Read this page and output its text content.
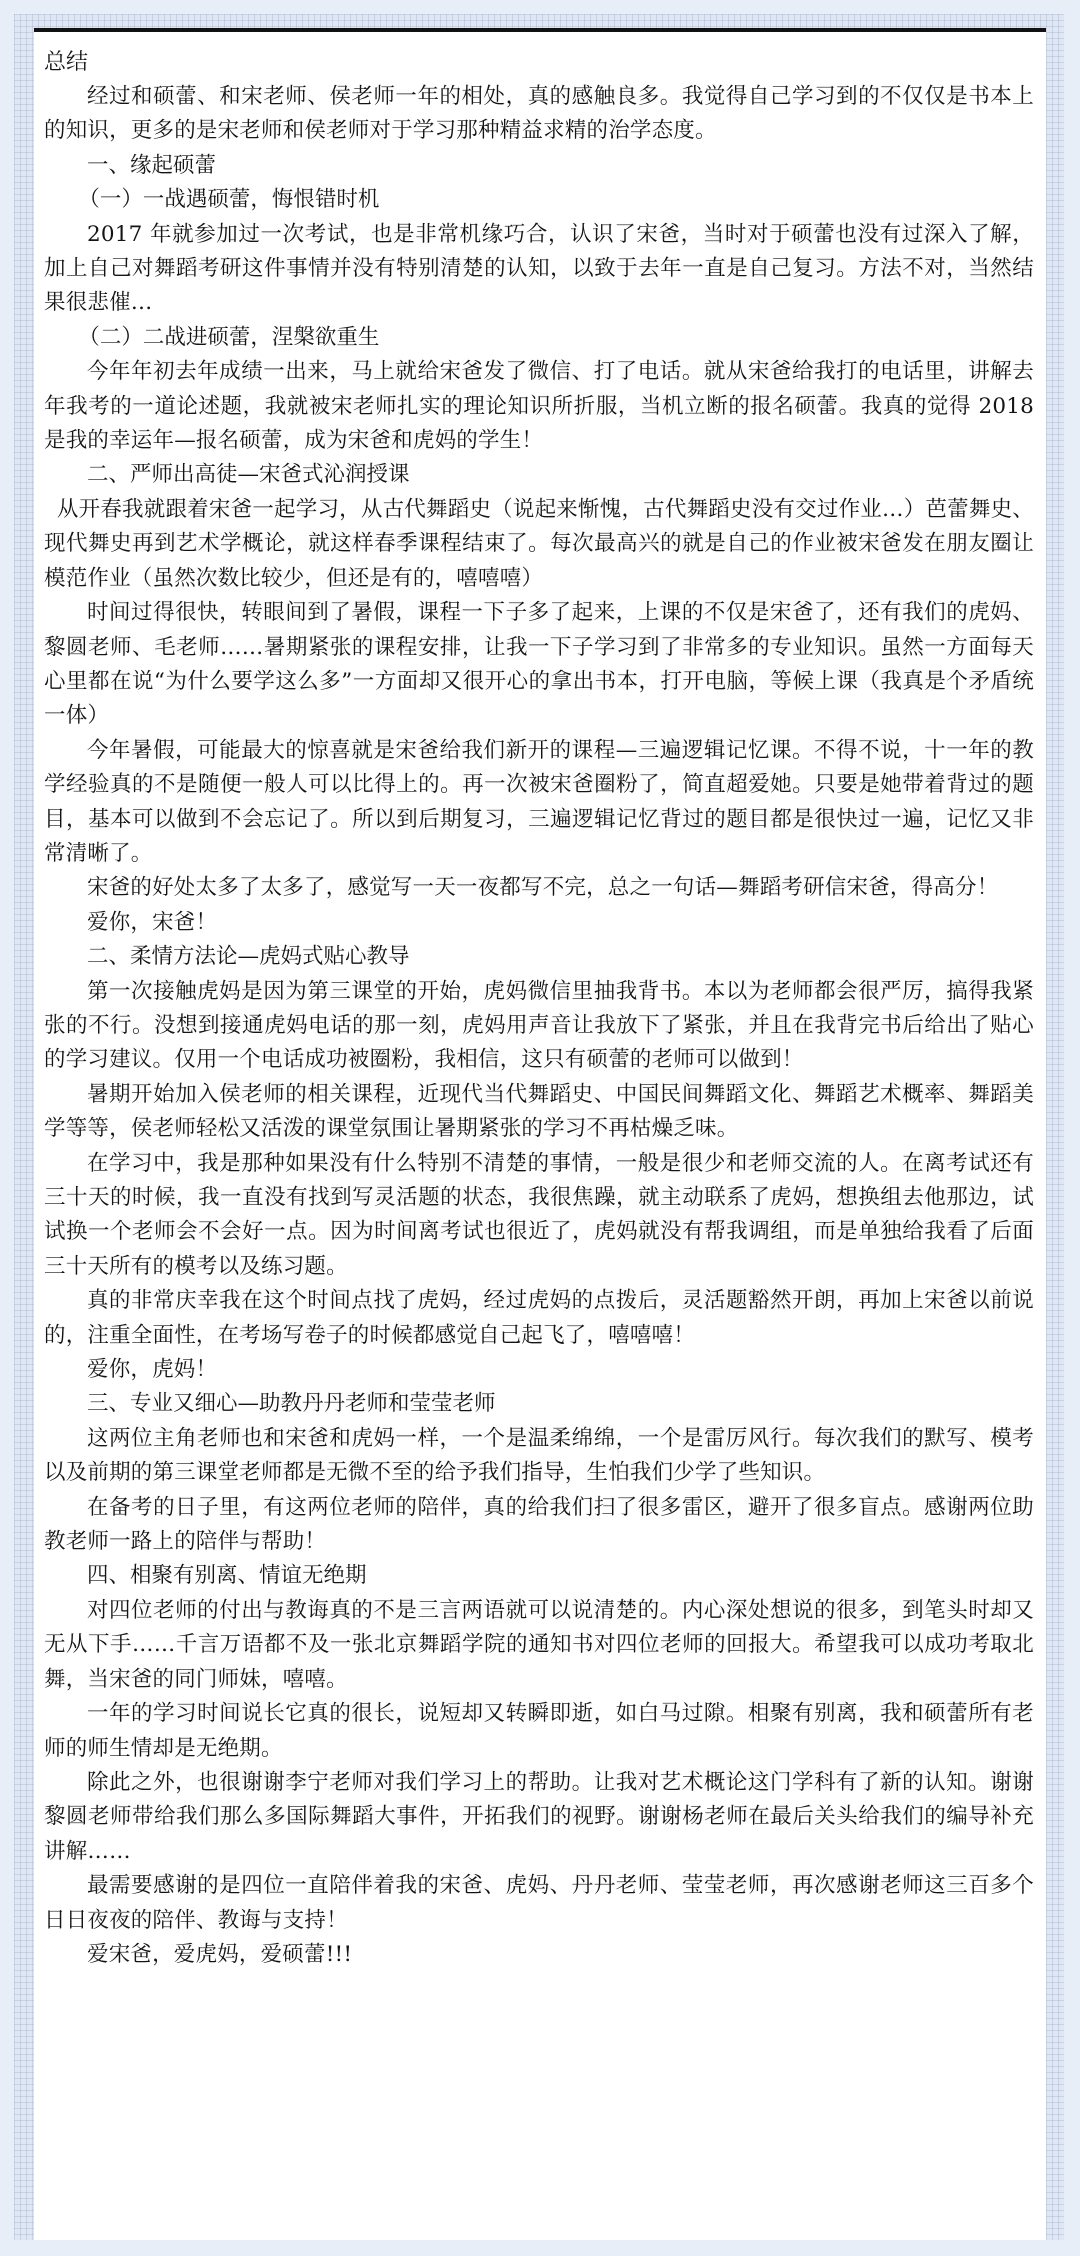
总结

经过和硕蕾、和宋老师、侯老师一年的相处，真的感触良多。我觉得自己学习到的不仅仅是书本上的知识，更多的是宋老师和侯老师对于学习那种精益求精的治学态度。

一、缘起硕蕾

（一）一战遇硕蕾，悔恨错时机

2017 年就参加过一次考试，也是非常机缘巧合，认识了宋爸，当时对于硕蕾也没有过深入了解，加上自己对舞蹈考研这件事情并没有特别清楚的认知，以致于去年一直是自己复习。方法不对，当然结果很悲催…

（二）二战进硕蕾，涅槃欲重生

今年年初去年成绩一出来，马上就给宋爸发了微信、打了电话。就从宋爸给我打的电话里，讲解去年我考的一道论述题，我就被宋老师扎实的理论知识所折服，当机立断的报名硕蕾。我真的觉得 2018 是我的幸运年—报名硕蕾，成为宋爸和虎妈的学生！

二、严师出高徒—宋爸式沁润授课

从开春我就跟着宋爸一起学习，从古代舞蹈史（说起来惭愧，古代舞蹈史没有交过作业…）芭蕾舞史、现代舞史再到艺术学概论，就这样春季课程结束了。每次最高兴的就是自己的作业被宋爸发在朋友圈让模范作业（虽然次数比较少，但还是有的，嘻嘻嘻）

时间过得很快，转眼间到了暑假，课程一下子多了起来，上课的不仅是宋爸了，还有我们的虎妈、黎圆老师、毛老师……暑期紧张的课程安排，让我一下子学习到了非常多的专业知识。虽然一方面每天心里都在说“为什么要学这么多”一方面却又很开心的拿出书本，打开电脑，等候上课（我真是个矛盾统一体）

今年暑假，可能最大的惊喜就是宋爸给我们新开的课程—三遍逻辑记忆课。不得不说，十一年的教学经验真的不是随便一般人可以比得上的。再一次被宋爸圈粉了，简直超爱她。只要是她带着背过的题目，基本可以做到不会忘记了。所以到后期复习，三遍逻辑记忆背过的题目都是很快过一遍，记忆又非常清晰了。

宋爸的好处太多了太多了，感觉写一天一夜都写不完，总之一句话—舞蹈考研信宋爸，得高分！

爱你，宋爸！

二、柔情方法论—虎妈式贴心教导

第一次接触虎妈是因为第三课堂的开始，虎妈微信里抽我背书。本以为老师都会很严厉，搞得我紧张的不行。没想到接通虎妈电话的那一刻，虎妈用声音让我放下了紧张，并且在我背完书后给出了贴心的学习建议。仅用一个电话成功被圈粉，我相信，这只有硕蕾的老师可以做到！

暑期开始加入侯老师的相关课程，近现代当代舞蹈史、中国民间舞蹈文化、舞蹈艺术概率、舞蹈美学等等，侯老师轻松又活泼的课堂氛围让暑期紧张的学习不再枯燥乏味。

在学习中，我是那种如果没有什么特别不清楚的事情，一般是很少和老师交流的人。在离考试还有三十天的时候，我一直没有找到写灵活题的状态，我很焦躁，就主动联系了虎妈，想换组去他那边，试试换一个老师会不会好一点。因为时间离考试也很近了，虎妈就没有帮我调组，而是单独给我看了后面三十天所有的模考以及练习题。

真的非常庆幸我在这个时间点找了虎妈，经过虎妈的点拨后，灵活题豁然开朗，再加上宋爸以前说的，注重全面性，在考场写卷子的时候都感觉自己起飞了，嘻嘻嘻！

爱你，虎妈！

三、专业又细心—助教丹丹老师和莹莹老师

这两位主角老师也和宋爸和虎妈一样，一个是温柔绵绵，一个是雷厉风行。每次我们的默写、模考以及前期的第三课堂老师都是无微不至的给予我们指导，生怕我们少学了些知识。

在备考的日子里，有这两位老师的陪伴，真的给我们扫了很多雷区，避开了很多盲点。感谢两位助教老师一路上的陪伴与帮助！

四、相聚有别离、情谊无绝期

对四位老师的付出与教诲真的不是三言两语就可以说清楚的。内心深处想说的很多，到笔头时却又无从下手……千言万语都不及一张北京舞蹈学院的通知书对四位老师的回报大。希望我可以成功考取北舞，当宋爸的同门师妹，嘻嘻。

一年的学习时间说长它真的很长，说短却又转瞬即逝，如白马过隙。相聚有别离，我和硕蕾所有老师的师生情却是无绝期。

除此之外，也很谢谢李宁老师对我们学习上的帮助。让我对艺术概论这门学科有了新的认知。谢谢黎圆老师带给我们那么多国际舞蹈大事件，开拓我们的视野。谢谢杨老师在最后关头给我们的编导补充讲解……

最需要感谢的是四位一直陪伴着我的宋爸、虎妈、丹丹老师、莹莹老师，再次感谢老师这三百多个日日夜夜的陪伴、教诲与支持！

爱宋爸，爱虎妈，爱硕蕾!!!
